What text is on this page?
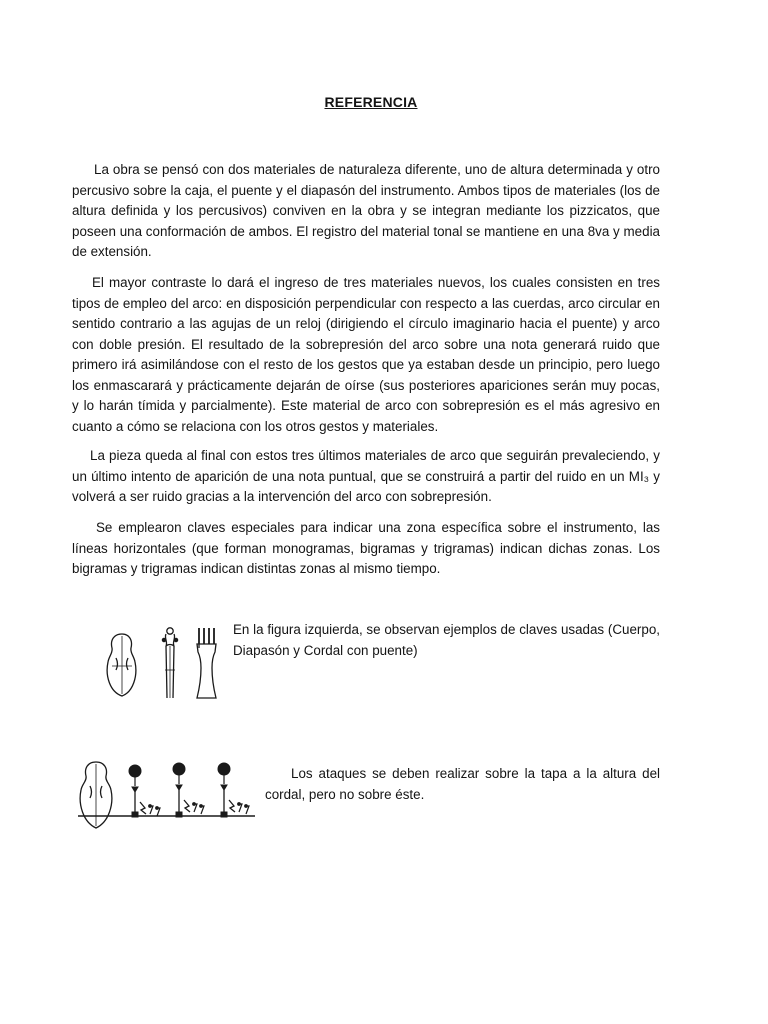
REFERENCIA

La obra se pensó con dos materiales de naturaleza diferente, uno de altura determinada y otro percusivo sobre la caja, el puente y el diapasón del instrumento. Ambos tipos de materiales (los de altura definida y los percusivos) conviven en la obra y se integran mediante los pizzicatos, que poseen una conformación de ambos. El registro del material tonal se mantiene en una 8va y media de extensión.

El mayor contraste lo dará el ingreso de tres materiales nuevos, los cuales consisten en tres tipos de empleo del arco: en disposición perpendicular con respecto a las cuerdas, arco circular en sentido contrario a las agujas de un reloj (dirigiendo el círculo imaginario hacia el puente) y arco con doble presión. El resultado de la sobrepresión del arco sobre una nota generará ruido que primero irá asimilándose con el resto de los gestos que ya estaban desde un principio, pero luego los enmascarará y prácticamente dejarán de oírse (sus posteriores apariciones serán muy pocas, y lo harán tímida y parcialmente). Este material de arco con sobrepresión es el más agresivo en cuanto a cómo se relaciona con los otros gestos y materiales.

La pieza queda al final con estos tres últimos materiales de arco que seguirán prevaleciendo, y un último intento de aparición de una nota puntual, que se construirá a partir del ruido en un MI₃ y volverá a ser ruido gracias a la intervención del arco con sobrepresión.

Se emplearon claves especiales para indicar una zona específica sobre el instrumento, las líneas horizontales (que forman monogramas, bigramas y trigramas) indican dichas zonas. Los bigramas y trigramas indican distintas zonas al mismo tiempo.

En la figura izquierda, se observan ejemplos de claves usadas (Cuerpo, Diapasón y Cordal con puente)

Los ataques se deben realizar sobre la tapa a la altura del cordal, pero no sobre éste.
